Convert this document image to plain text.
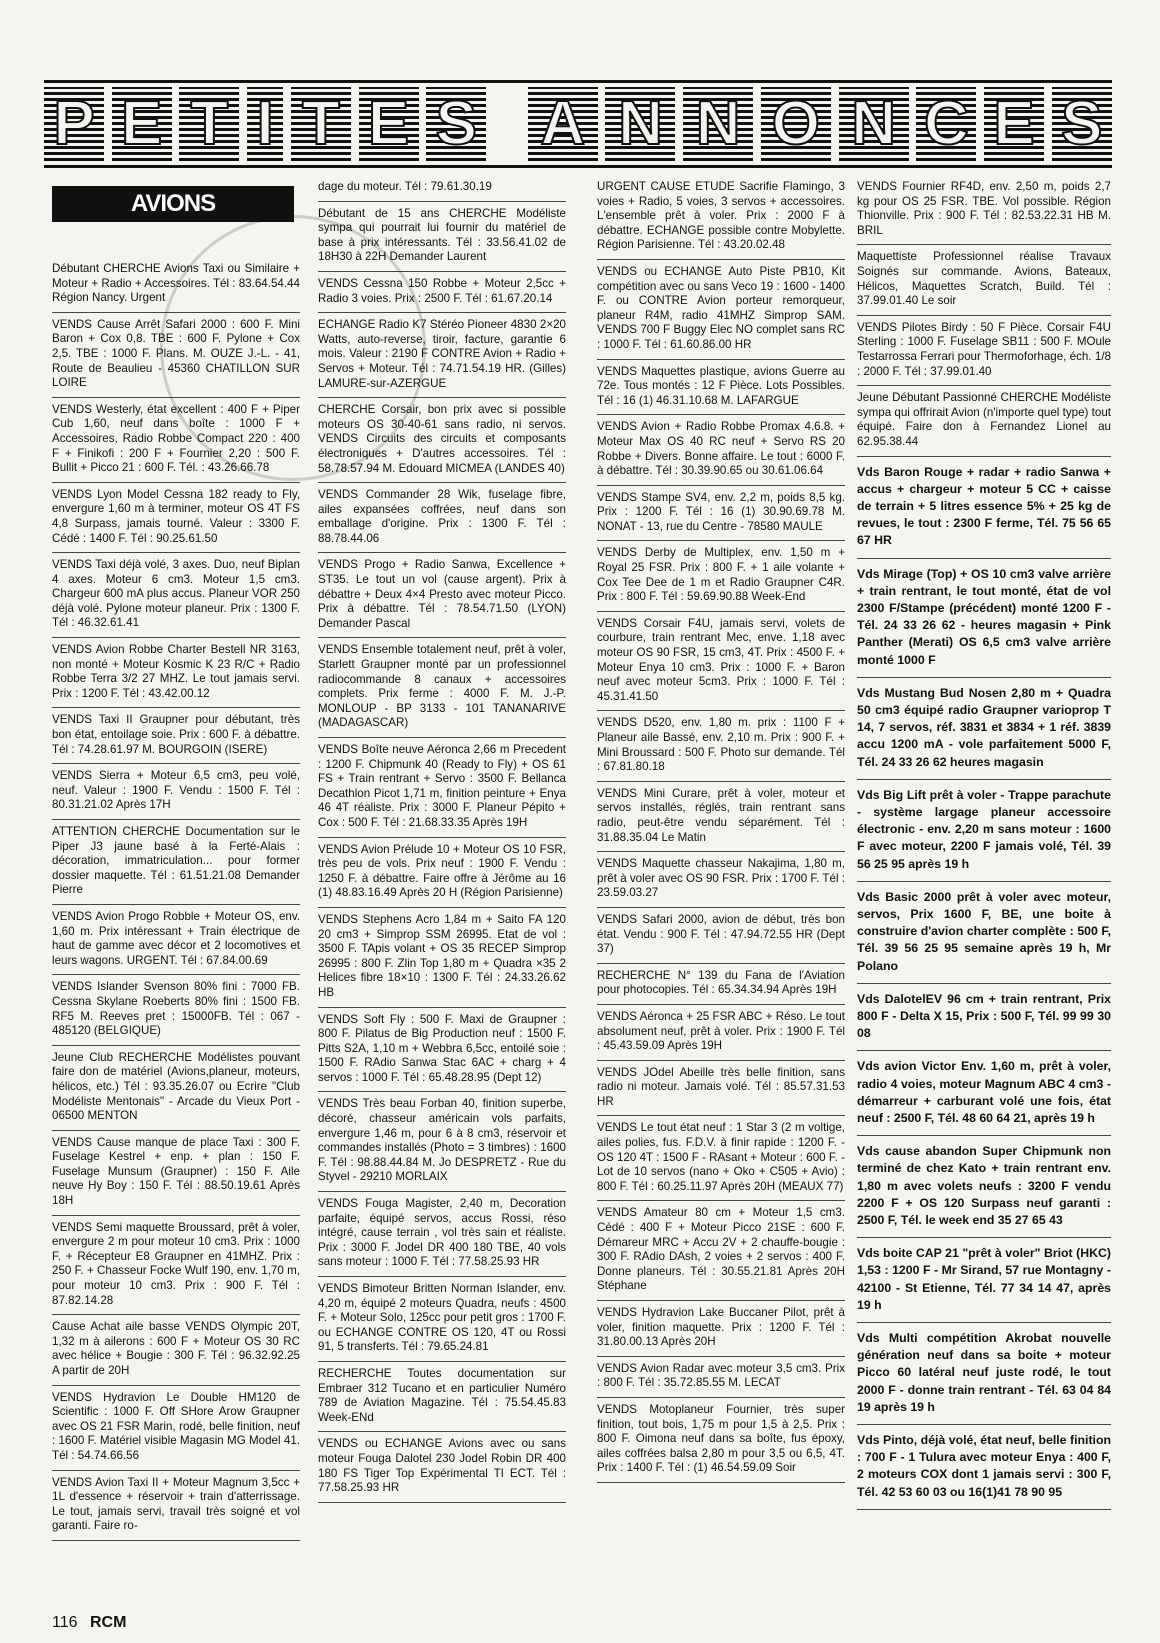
P E T I T E S A N N O N C E S
AVIONS

Débutant CHERCHE Avions Taxi ou Similaire + Moteur + Radio + Accessoires. Tél : 83.64.54.44 Région Nancy. Urgent

VENDS Cause Arrêt Safari 2000 : 600 F. Mini Baron + Cox 0,8. TBE : 600 F. Pylone + Cox 2,5. TBE : 1000 F. Plans. M. OUZE J.-L. - 41, Route de Beaulieu - 45360 CHATILLON SUR LOIRE

VENDS Westerly, état excellent : 400 F + Piper Cub 1,60, neuf dans boîte : 1000 F + Accessoires, Radio Robbe Compact 220 : 400 F + Finikofi : 200 F + Fournier 2,20 : 500 F. Bullit + Picco 21 : 600 F. Tél. : 43.26.66.78

VENDS Lyon Model Cessna 182 ready to Fly, envergure 1,60 m à terminer, moteur OS 4T FS 4,8 Surpass, jamais tourné. Valeur : 3300 F. Cédé : 1400 F. Tél : 90.25.61.50

VENDS Taxi déjà volé, 3 axes. Duo, neuf Biplan 4 axes. Moteur 6 cm3. Moteur 1,5 cm3. Chargeur 600 mA plus accus. Planeur VOR 250 déjà volé. Pylone moteur planeur. Prix : 1300 F. Tél : 46.32.61.41

VENDS Avion Robbe Charter Bestell NR 3163, non monté + Moteur Kosmic K 23 R/C + Radio Robbe Terra 3/2 27 MHZ. Le tout jamais servi. Prix : 1200 F. Tél : 43.42.00.12

VENDS Taxi II Graupner pour débutant, très bon état, entoilage soie. Prix : 600 F. à débattre. Tél : 74.28.61.97 M. BOURGOIN (ISERE)

VENDS Sierra + Moteur 6,5 cm3, peu volé, neuf. Valeur : 1900 F. Vendu : 1500 F. Tél : 80.31.21.02 Après 17H

ATTENTION CHERCHE Documentation sur le Piper J3 jaune basé à la Ferté-Alais : décoration, immatriculation... pour former dossier maquette. Tél : 61.51.21.08 Demander Pierre

VENDS Avion Progo Robble + Moteur OS, env. 1,60 m. Prix intéressant + Train électrique de haut de gamme avec décor et 2 locomotives et leurs wagons. URGENT. Tél : 67.84.00.69

VENDS Islander Svenson 80% fini : 7000 FB. Cessna Skylane Roeberts 80% fini : 1500 FB. RF5 M. Reeves pret : 15000FB. Tél : 067 - 485120 (BELGIQUE)

Jeune Club RECHERCHE Modélistes pouvant faire don de matériel (Avions,planeur, moteurs, hélicos, etc.) Tél : 93.35.26.07 ou Ecrire "Club Modéliste Mentonais" - Arcade du Vieux Port - 06500 MENTON

VENDS Cause manque de place Taxi : 300 F. Fuselage Kestrel + enp. + plan : 150 F. Fuselage Munsum (Graupner) : 150 F. Aile neuve Hy Boy : 150 F. Tél : 88.50.19.61 Après 18H

VENDS Semi maquette Broussard, prêt à voler, envergure 2 m pour moteur 10 cm3. Prix : 1000 F. + Récepteur E8 Graupner en 41MHZ. Prix : 250 F. + Chasseur Focke Wulf 190, env. 1,70 m, pour moteur 10 cm3. Prix : 900 F. Tél : 87.82.14.28

Cause Achat aile basse VENDS Olympic 20T, 1,32 m à ailerons : 600 F + Moteur OS 30 RC avec hélice + Bougie : 300 F. Tél : 96.32.92.25 A partir de 20H

VENDS Hydravion Le Double HM120 de Scientific : 1000 F. Off SHore Arow Graupner avec OS 21 FSR Marin, rodé, belle finition, neuf : 1600 F. Matériel visible Magasin MG Model 41. Tél : 54.74.66.56

VENDS Avion Taxi II + Moteur Magnum 3,5cc + 1L d'essence + réservoir + train d'atterrissage. Le tout, jamais servi, travail très soigné et vol garanti. Faire ro-

dage du moteur. Tél : 79.61.30.19

Débutant de 15 ans CHERCHE Modéliste sympa qui pourrait lui fournir du matériel de base à prix intéressants. Tél : 33.56.41.02 de 18H30 à 22H Demander Laurent

VENDS Cessna 150 Robbe + Moteur 2,5cc + Radio 3 voies. Prix : 2500 F. Tél : 61.67.20.14

ECHANGE Radio K7 Stéréo Pioneer 4830 2×20 Watts, auto-reverse, tiroir, facture, garantie 6 mois. Valeur : 2190 F CONTRE Avion + Radio + Servos + Moteur. Tél : 74.71.54.19 HR. (Gilles) LAMURE-sur-AZERGUE

CHERCHE Corsair, bon prix avec si possible moteurs OS 30-40-61 sans radio, ni servos. VENDS Circuits des circuits et composants électroniques + D'autres accessoires. Tél : 58.78.57.94 M. Edouard MICMEA (LANDES 40)

VENDS Commander 28 Wik, fuselage fibre, ailes expansées coffrées, neuf dans son emballage d'origine. Prix : 1300 F. Tél : 88.78.44.06

VENDS Progo + Radio Sanwa, Excellence + ST35. Le tout un vol (cause argent). Prix à débattre + Deux 4×4 Presto avec moteur Picco. Prix à débattre. Tél : 78.54.71.50 (LYON) Demander Pascal

VENDS Ensemble totalement neuf, prêt à voler, Starlett Graupner monté par un professionnel radiocommande 8 canaux + accessoires complets. Prix ferme : 4000 F. M. J.-P. MONLOUP - BP 3133 - 101 TANANARIVE (MADAGASCAR)

VENDS Boîte neuve Aéronca 2,66 m Precedent : 1200 F. Chipmunk 40 (Ready to Fly) + OS 61 FS + Train rentrant + Servo : 3500 F. Bellanca Decathlon Picot 1,71 m, finition peinture + Enya 46 4T réaliste. Prix : 3000 F. Planeur Pépito + Cox : 500 F. Tél : 21.68.33.35 Après 19H

VENDS Avion Prélude 10 + Moteur OS 10 FSR, très peu de vols. Prix neuf : 1900 F. Vendu : 1250 F. à débattre. Faire offre à Jérôme au 16 (1) 48.83.16.49 Après 20 H (Région Parisienne)

VENDS Stephens Acro 1,84 m + Saito FA 120 20 cm3 + Simprop SSM 26995. Etat de vol : 3500 F. TApis volant + OS 35 RECEP Simprop 26995 : 800 F. Zlin Top 1,80 m + Quadra ×35 2 Helices fibre 18×10 : 1300 F. Tél : 24.33.26.62 HB

VENDS Soft Fly : 500 F. Maxi de Graupner : 800 F. Pilatus de Big Production neuf : 1500 F. Pitts S2A, 1,10 m + Webbra 6,5cc, entoilé soie : 1500 F. RAdio Sanwa Stac 6AC + charg + 4 servos : 1000 F. Tél : 65.48.28.95 (Dept 12)

VENDS Très beau Forban 40, finition superbe, décoré, chasseur américain vols parfaits, envergure 1,46 m, pour 6 à 8 cm3, réservoir et commandes installés (Photo = 3 timbres) : 1600 F. Tél : 98.88.44.84 M. Jo DESPRETZ - Rue du Styvel - 29210 MORLAIX

VENDS Fouga Magister, 2,40 m, Decoration parfaite, équipé servos, accus Rossi, réso intégré, cause terrain , vol très sain et réaliste. Prix : 3000 F. Jodel DR 400 180 TBE, 40 vols sans moteur : 1000 F. Tél : 77.58.25.93 HR

VENDS Bimoteur Britten Norman Islander, env. 4,20 m, équipé 2 moteurs Quadra, neufs : 4500 F. + Moteur Solo, 125cc pour petit gros : 1700 F. ou ECHANGE CONTRE OS 120, 4T ou Rossi 91, 5 transferts. Tél : 79.65.24.81

RECHERCHE Toutes documentation sur Embraer 312 Tucano et en particulier Numéro 789 de Aviation Magazine. Tél : 75.54.45.83 Week-ENd

VENDS ou ECHANGE Avions avec ou sans moteur Fouga Dalotel 230 Jodel Robin DR 400 180 FS Tiger Top Expérimental TI ECT. Tél : 77.58.25.93 HR

URGENT CAUSE ETUDE Sacrifie Flamingo, 3 voies + Radio, 5 voies, 3 servos + accessoires. L'ensemble prêt à voler. Prix : 2000 F à débattre. ECHANGE possible contre Mobylette. Région Parisienne. Tél : 43.20.02.48

VENDS ou ECHANGE Auto Piste PB10, Kit compétition avec ou sans Veco 19 : 1600 - 1400 F. ou CONTRE Avion porteur remorqueur, planeur R4M, radio 41MHZ Simprop SAM. VENDS 700 F Buggy Elec NO complet sans RC : 1000 F. Tél : 61.60.86.00 HR

VENDS Maquettes plastique, avions Guerre au 72e. Tous montés : 12 F Pièce. Lots Possibles. Tél : 16 (1) 46.31.10.68 M. LAFARGUE

VENDS Avion + Radio Robbe Promax 4.6.8. + Moteur Max OS 40 RC neuf + Servo RS 20 Robbe + Divers. Bonne affaire. Le tout : 6000 F. à débattre. Tél : 30.39.90.65 ou 30.61.06.64

VENDS Stampe SV4, env. 2,2 m, poids 8,5 kg. Prix : 1200 F. Tél : 16 (1) 30.90.69.78 M. NONAT - 13, rue du Centre - 78580 MAULE

VENDS Derby de Multiplex, env. 1,50 m + Royal 25 FSR. Prix : 800 F. + 1 aile volante + Cox Tee Dee de 1 m et Radio Graupner C4R. Prix : 800 F. Tél : 59.69.90.88 Week-End

VENDS Corsair F4U, jamais servi, volets de courbure, train rentrant Mec, enve. 1,18 avec moteur OS 90 FSR, 15 cm3, 4T. Prix : 4500 F. + Moteur Enya 10 cm3. Prix : 1000 F. + Baron neuf avec moteur 5cm3. Prix : 1000 F. Tél : 45.31.41.50

VENDS D520, env. 1,80 m. prix : 1100 F + Planeur aile Bassé, env. 2,10 m. Prix : 900 F. + Mini Broussard : 500 F. Photo sur demande. Tél : 67.81.80.18

VENDS Mini Curare, prêt à voler, moteur et servos installés, réglés, train rentrant sans radio, peut-être vendu séparément. Tél : 31.88.35.04 Le Matin

VENDS Maquette chasseur Nakajima, 1,80 m, prêt à voler avec OS 90 FSR. Prix : 1700 F. Tél : 23.59.03.27

VENDS Safari 2000, avion de début, très bon état. Vendu : 900 F. Tél : 47.94.72.55 HR (Dept 37)

RECHERCHE N° 139 du Fana de l'Aviation pour photocopies. Tél : 65.34.34.94 Après 19H

VENDS Aéronca + 25 FSR ABC + Réso. Le tout absolument neuf, prêt à voler. Prix : 1900 F. Tél : 45.43.59.09 Après 19H

VENDS JOdel Abeille très belle finition, sans radio ni moteur. Jamais volé. Tél : 85.57.31.53 HR

VENDS Le tout état neuf : 1 Star 3 (2 m voltige, ailes polies, fus. F.D.V. à finir rapide : 1200 F. - OS 120 4T : 1500 F - RAsant + Moteur : 600 F. - Lot de 10 servos (nano + Oko + C505 + Avio) : 800 F. Tél : 60.25.11.97 Après 20H (MEAUX 77)

VENDS Amateur 80 cm + Moteur 1,5 cm3. Cédé : 400 F + Moteur Picco 21SE : 600 F. Démareur MRC + Accu 2V + 2 chauffe-bougie : 300 F. RAdio DAsh, 2 voies + 2 servos : 400 F. Donne planeurs. Tél : 30.55.21.81 Après 20H Stéphane

VENDS Hydravion Lake Buccaner Pilot, prêt à voler, finition maquette. Prix : 1200 F. Tél : 31.80.00.13 Après 20H

VENDS Avion Radar avec moteur 3,5 cm3. Prix : 800 F. Tél : 35.72.85.55 M. LECAT

VENDS Motoplaneur Fournier, très super finition, tout bois, 1,75 m pour 1,5 à 2,5. Prix : 800 F. Oimona neuf dans sa boîte, fus époxy, ailes coffrées balsa 2,80 m pour 3,5 ou 6,5, 4T. Prix : 1400 F. Tél : (1) 46.54.59.09 Soir

VENDS Fournier RF4D, env. 2,50 m, poids 2,7 kg pour OS 25 FSR. TBE. Vol possible. Région Thionville. Prix : 900 F. Tél : 82.53.22.31 HB M. BRIL

Maquettiste Professionnel réalise Travaux Soignés sur commande. Avions, Bateaux, Hélicos, Maquettes Scratch, Build. Tél : 37.99.01.40 Le soir

VENDS Pilotes Birdy : 50 F Pièce. Corsair F4U Sterling : 1000 F. Fuselage SB11 : 500 F. MOule Testarrossa Ferrari pour Thermoforhage, éch. 1/8 : 2000 F. Tél : 37.99.01.40

Jeune Débutant Passionné CHERCHE Modéliste sympa qui offrirait Avion (n'importe quel type) tout équipé. Faire don à Fernandez Lionel au 62.95.38.44

Vds Baron Rouge + radar + radio Sanwa + accus + chargeur + moteur 5 CC + caisse de terrain + 5 litres essence 5% + 25 kg de revues, le tout : 2300 F ferme, Tél. 75 56 65 67 HR

Vds Mirage (Top) + OS 10 cm3 valve arrière + train rentrant, le tout monté, état de vol 2300 F/Stampe (précédent) monté 1200 F - Tél. 24 33 26 62 - heures magasin + Pink Panther (Merati) OS 6,5 cm3 valve arrière monté 1000 F

Vds Mustang Bud Nosen 2,80 m + Quadra 50 cm3 équipé radio Graupner varioprop T 14, 7 servos, réf. 3831 et 3834 + 1 réf. 3839 accu 1200 mA - vole parfaitement 5000 F, Tél. 24 33 26 62 heures magasin

Vds Big Lift prêt à voler - Trappe parachute - système largage planeur accessoire électronic - env. 2,20 m sans moteur : 1600 F avec moteur, 2200 F jamais volé, Tél. 39 56 25 95 après 19 h

Vds Basic 2000 prêt à voler avec moteur, servos, Prix 1600 F, BE, une boite à construire d'avion charter complète : 500 F, Tél. 39 56 25 95 semaine après 19 h, Mr Polano

Vds DalotelEV 96 cm + train rentrant, Prix 800 F - Delta X 15, Prix : 500 F, Tél. 99 99 30 08

Vds avion Victor Env. 1,60 m, prêt à voler, radio 4 voies, moteur Magnum ABC 4 cm3 - démarreur + carburant volé une fois, état neuf : 2500 F, Tél. 48 60 64 21, après 19 h

Vds cause abandon Super Chipmunk non terminé de chez Kato + train rentrant env. 1,80 m avec volets neufs : 3200 F vendu 2200 F + OS 120 Surpass neuf garanti : 2500 F, Tél. le week end 35 27 65 43

Vds boite CAP 21 "prêt à voler" Briot (HKC) 1,53 : 1200 F - Mr Sirand, 57 rue Montagny - 42100 - St Etienne, Tél. 77 34 14 47, après 19 h

Vds Multi compétition Akrobat nouvelle génération neuf dans sa boite + moteur Picco 60 latéral neuf juste rodé, le tout 2000 F - donne train rentrant - Tél. 63 04 84 19 après 19 h

Vds Pinto, déjà volé, état neuf, belle finition : 700 F - 1 Tulura avec moteur Enya : 400 F, 2 moteurs COX dont 1 jamais servi : 300 F, Tél. 42 53 60 03 ou 16(1)41 78 90 95

116 RCM
